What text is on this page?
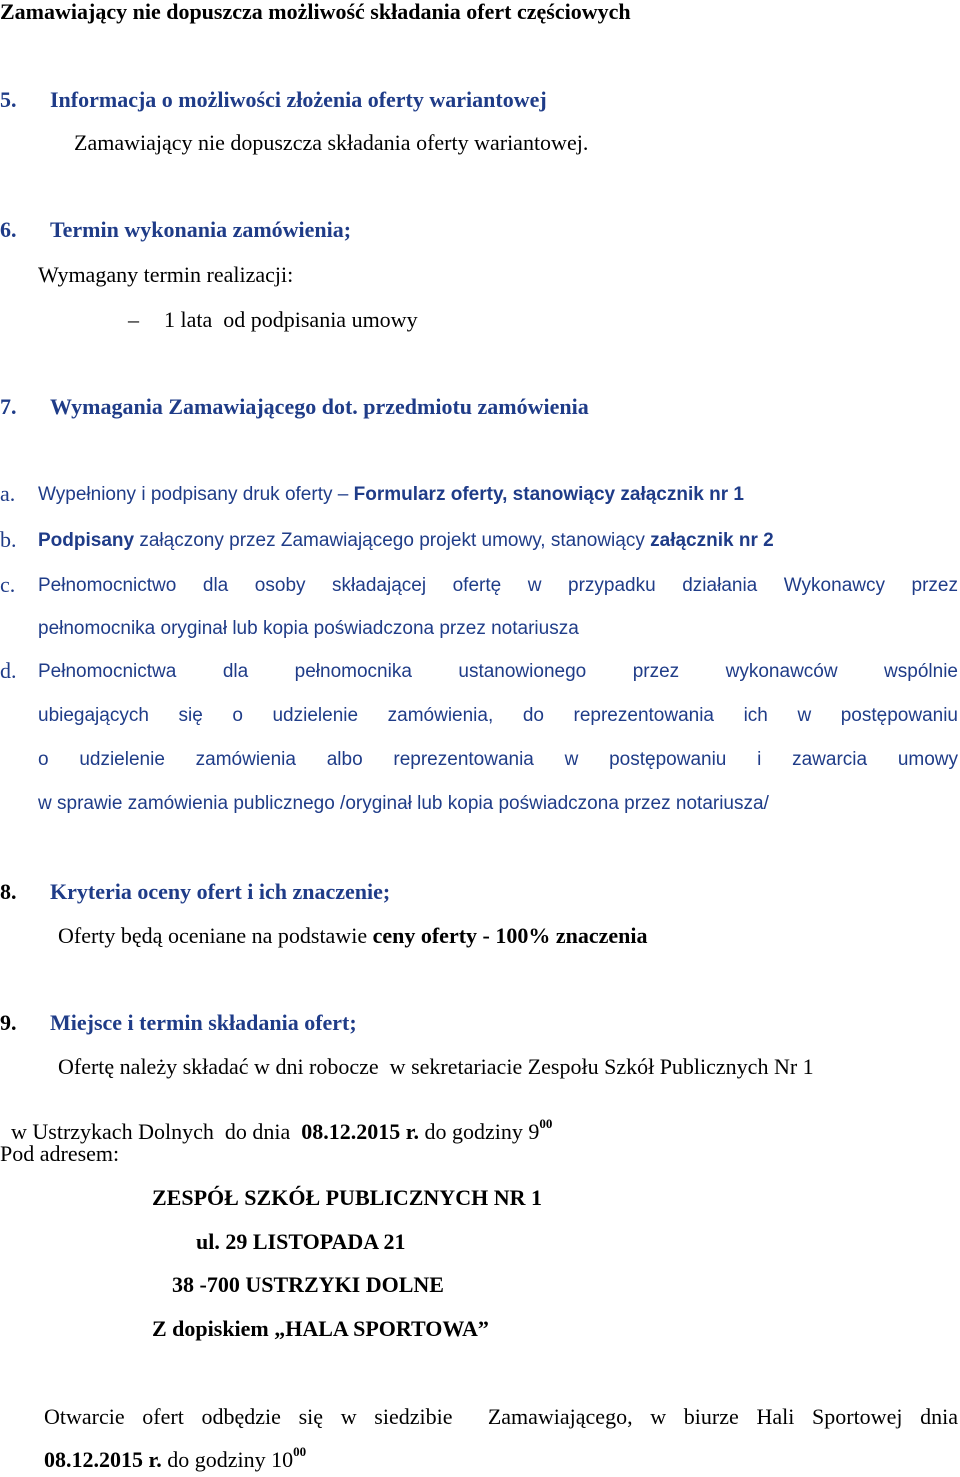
Zamawiający nie dopuszcza możliwość składania ofert częściowych
5. Informacja o możliwości złożenia oferty wariantowej
Zamawiający nie dopuszcza składania oferty wariantowej.
6. Termin wykonania zamówienia;
Wymagany termin realizacji:
– 1 lata  od podpisania umowy
7. Wymagania Zamawiającego dot. przedmiotu zamówienia
a. Wypełniony i podpisany druk oferty – Formularz oferty, stanowiący załącznik nr 1
b. Podpisany załączony przez Zamawiającego projekt umowy, stanowiący załącznik nr 2
c. Pełnomocnictwo dla osoby składającej ofertę w przypadku działania Wykonawcy przez
pełnomocnika oryginał lub kopia poświadczona przez notariusza
d. Pełnomocnictwa dla pełnomocnika ustanowionego przez wykonawców wspólnie
ubiegających się o udzielenie zamówienia, do reprezentowania ich w postępowaniu
o udzielenie zamówienia albo reprezentowania w postępowaniu i zawarcia umowy
w sprawie zamówienia publicznego /oryginał lub kopia poświadczona przez notariusza/
8. Kryteria oceny ofert i ich znaczenie;
Oferty będą oceniane na podstawie ceny oferty - 100% znaczenia
9. Miejsce i termin składania ofert;
Ofertę należy składać w dni robocze  w sekretariacie Zespołu Szkół Publicznych Nr 1

w Ustrzykach Dolnych  do dnia  08.12.2015 r. do godziny $9^{00}$

Pod adresem:
ZESPÓŁ SZKÓŁ PUBLICZNYCH NR 1
ul. 29 LISTOPADA 21
38 -700 USTRZYKI DOLNE
Z dopiskiem „HALA SPORTOWA”
Otwarcie ofert odbędzie się w siedzibie  Zamawiającego, w biurze Hali Sportowej dnia
08.12.2015 r. do godziny $10^{00}$
